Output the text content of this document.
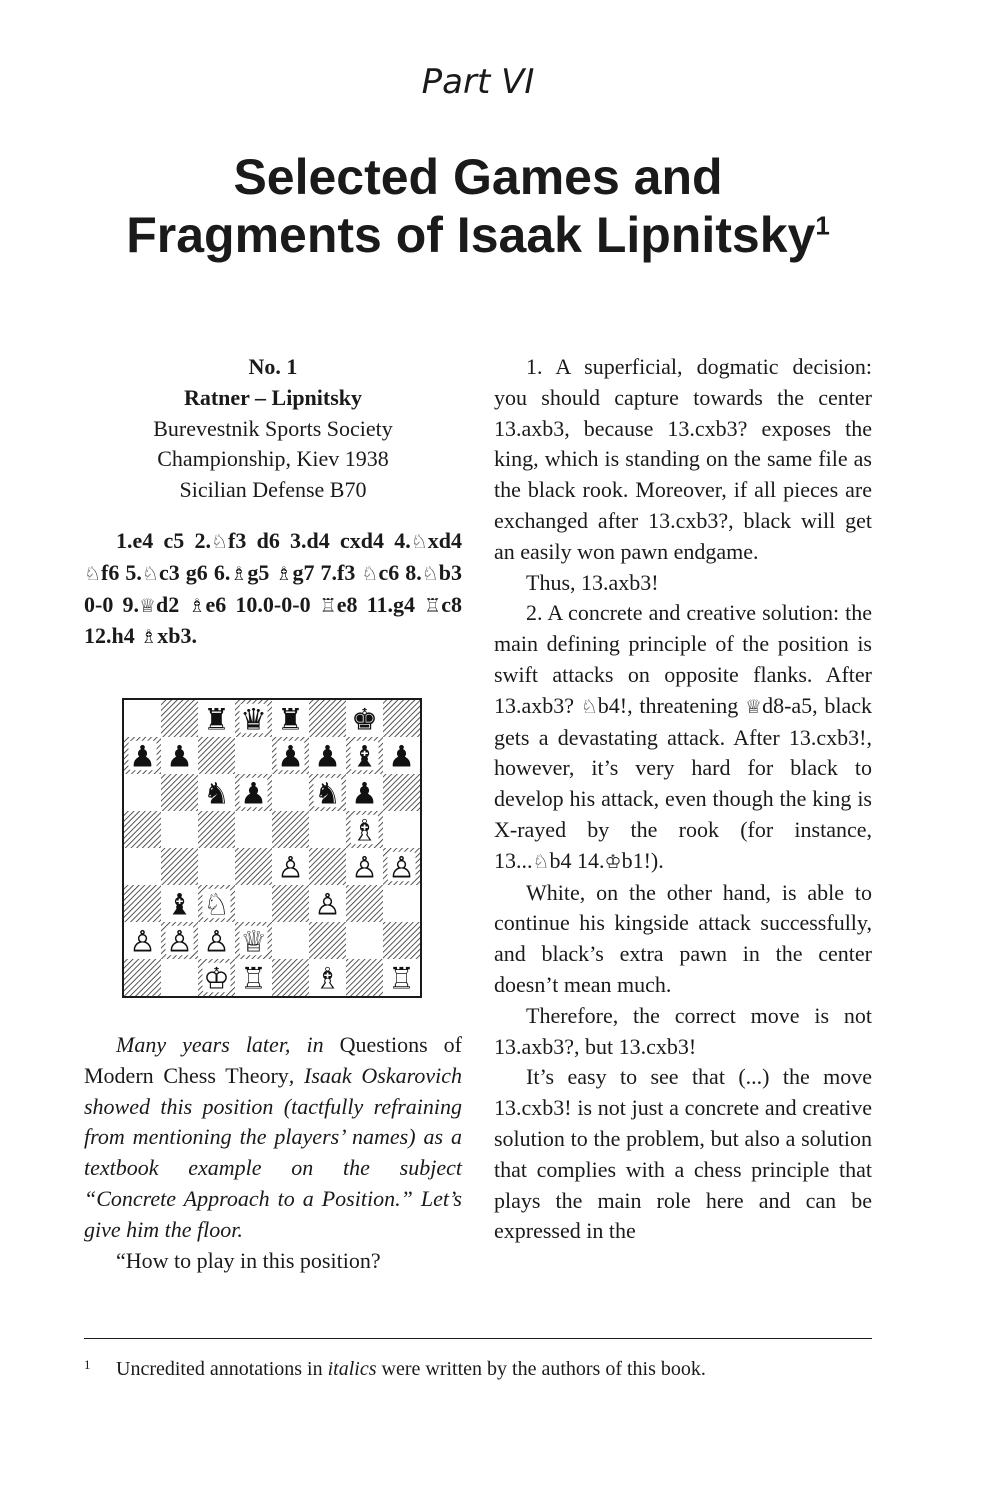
Part VI
Selected Games and
Fragments of Isaak Lipnitsky$^1$
No. 1
Ratner – Lipnitsky
Burevestnik Sports Society
Championship, Kiev 1938
Sicilian Defense B70

1.e4 c5 2.♘f3 d6 3.d4 cxd4 4.♘xd4 ♘f6 5.♘c3 g6 6.♗g5 ♗g7 7.f3 ♘c6 8.♘b3 0-0 9.♕d2 ♗e6 10.0-0-0 ♖e8 11.g4 ♖c8 12.h4 ♗xb3.

♜ ♛ ♜ ♚
♟ ♟	♟ ♟ ♝ ♟
♞ ♟ ♞ ♟
♗
♙ ♙ ♙
♝ ♘	♙
♙ ♙ ♙ ♕
♔ ♖ ♗ ♖

Many years later, in Questions of Modern Chess Theory, Isaak Oskarovich showed this position (tactfully refraining from mentioning the players’ names) as a textbook example on the subject “Concrete Approach to a Position.” Let’s give him the floor.

“How to play in this position?

1. A superficial, dogmatic decision: you should capture towards the center 13.axb3, because 13.cxb3? exposes the king, which is standing on the same file as the black rook. Moreover, if all pieces are exchanged after 13.cxb3?, black will get an easily won pawn endgame.

Thus, 13.axb3!

2. A concrete and creative solution: the main defining principle of the position is swift attacks on opposite flanks. After 13.axb3? ♘b4!, threatening ♕d8-a5, black gets a devastating attack. After 13.cxb3!, however, it’s very hard for black to develop his attack, even though the king is X-rayed by the rook (for instance, 13...♘b4 14.♔b1!).

White, on the other hand, is able to continue his kingside attack successfully, and black’s extra pawn in the center doesn’t mean much.

Therefore, the correct move is not 13.axb3?, but 13.cxb3!

It’s easy to see that (...) the move 13.cxb3! is not just a concrete and creative solution to the problem, but also a solution that complies with a chess principle that plays the main role here and can be expressed in the

1 Uncredited annotations in italics were written by the authors of this book.
